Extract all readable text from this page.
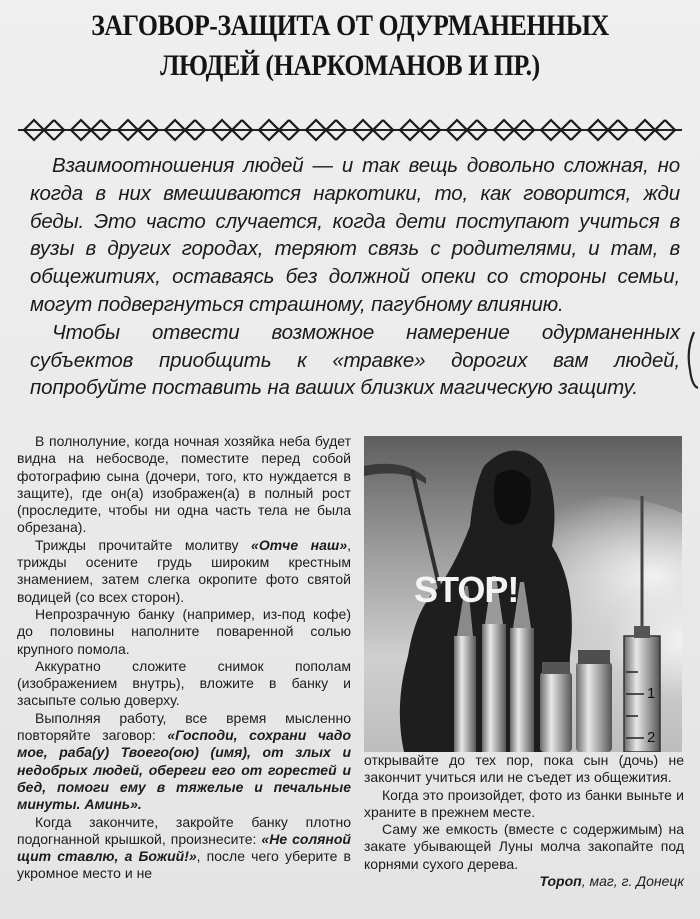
ЗАГОВОР-ЗАЩИТА ОТ ОДУРМАНЕННЫХ
ЛЮДЕЙ (НАРКОМАНОВ И ПР.)

Взаимоотношения людей — и так вещь довольно сложная, но когда в них вмешиваются наркотики, то, как говорится, жди беды. Это часто случается, когда дети поступают учиться в вузы в других городах, теряют связь с родителями, и там, в общежитиях, оставаясь без должной опеки со стороны семьи, могут подвергнуться страшному, пагубному влиянию.

Чтобы отвести возможное намерение одурманенных субъектов приобщить к «травке» дорогих вам людей, попробуйте поставить на ваших близких магическую защиту.

В полнолуние, когда ночная хозяйка неба будет видна на небосводе, поместите перед собой фотографию сына (дочери, того, кто нуждается в защите), где он(а) изображен(а) в полный рост (проследите, чтобы ни одна часть тела не была обрезана).

Трижды прочитайте молитву «Отче наш», трижды осените грудь широким крестным знамением, затем слегка окропите фото святой водицей (со всех сторон).

Непрозрачную банку (например, из-под кофе) до половины наполните поваренной солью крупного помола.

Аккуратно сложите снимок пополам (изображением внутрь), вложите в банку и засыпьте солью доверху.

Выполняя работу, все время мысленно повторяйте заговор: «Господи, сохрани чадо мое, раба(у) Твоего(ою) (имя), от злых и недобрых людей, обереги его от горестей и бед, помоги ему в тяжелые и печальные минуты. Аминь».

Когда закончите, закройте банку плотно подогнанной крышкой, произнесите: «Не соляной щит ставлю, а Божий!», после чего уберите в укромное место и не

1
2
STOP!

открывайте до тех пор, пока сын (дочь) не закончит учиться или не съедет из общежития.

Когда это произойдет, фото из банки выньте и храните в прежнем месте.

Саму же емкость (вместе с содержимым) на закате убывающей Луны молча закопайте под корнями сухого дерева.

Тороп, маг, г. Донецк
